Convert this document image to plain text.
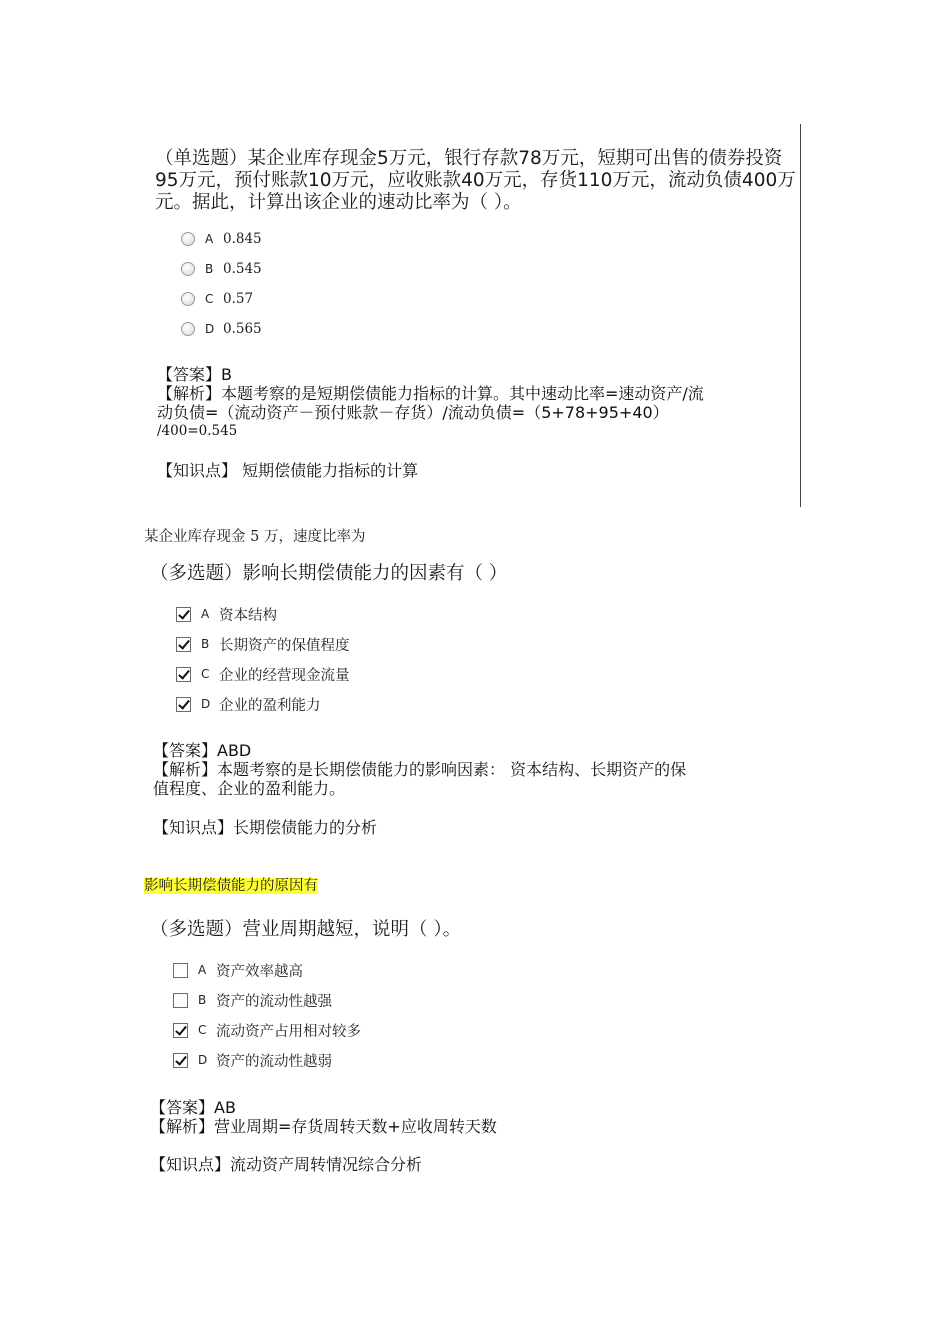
（单选题）某企业库存现金5万元，银行存款78万元，短期可出售的债券投资
95万元，预付账款10万元，应收账款40万元，存货110万元，流动负债400万
元。据此，计算出该企业的速动比率为（ ）。
A 0.845
B 0.545
C 0.57
D 0.565
【答案】B
【解析】本题考察的是短期偿债能力指标的计算。其中速动比率=速动资产/流
动负债=（流动资产－预付账款－存货）/流动负债=（5+78+95+40）
/400=0.545
【知识点】 短期偿债能力指标的计算
某企业库存现金 5 万，速度比率为
（多选题）影响长期偿债能力的因素有（ ）
A 资本结构
B 长期资产的保值程度
C 企业的经营现金流量
D 企业的盈利能力
【答案】ABD
【解析】本题考察的是长期偿债能力的影响因素： 资本结构、长期资产的保
值程度、企业的盈利能力。
【知识点】长期偿债能力的分析
影响长期偿债能力的原因有
（多选题）营业周期越短，说明（ ）。
A 资产效率越高
B 资产的流动性越强
C 流动资产占用相对较多
D 资产的流动性越弱
【答案】AB
【解析】营业周期=存货周转天数+应收周转天数
【知识点】流动资产周转情况综合分析
